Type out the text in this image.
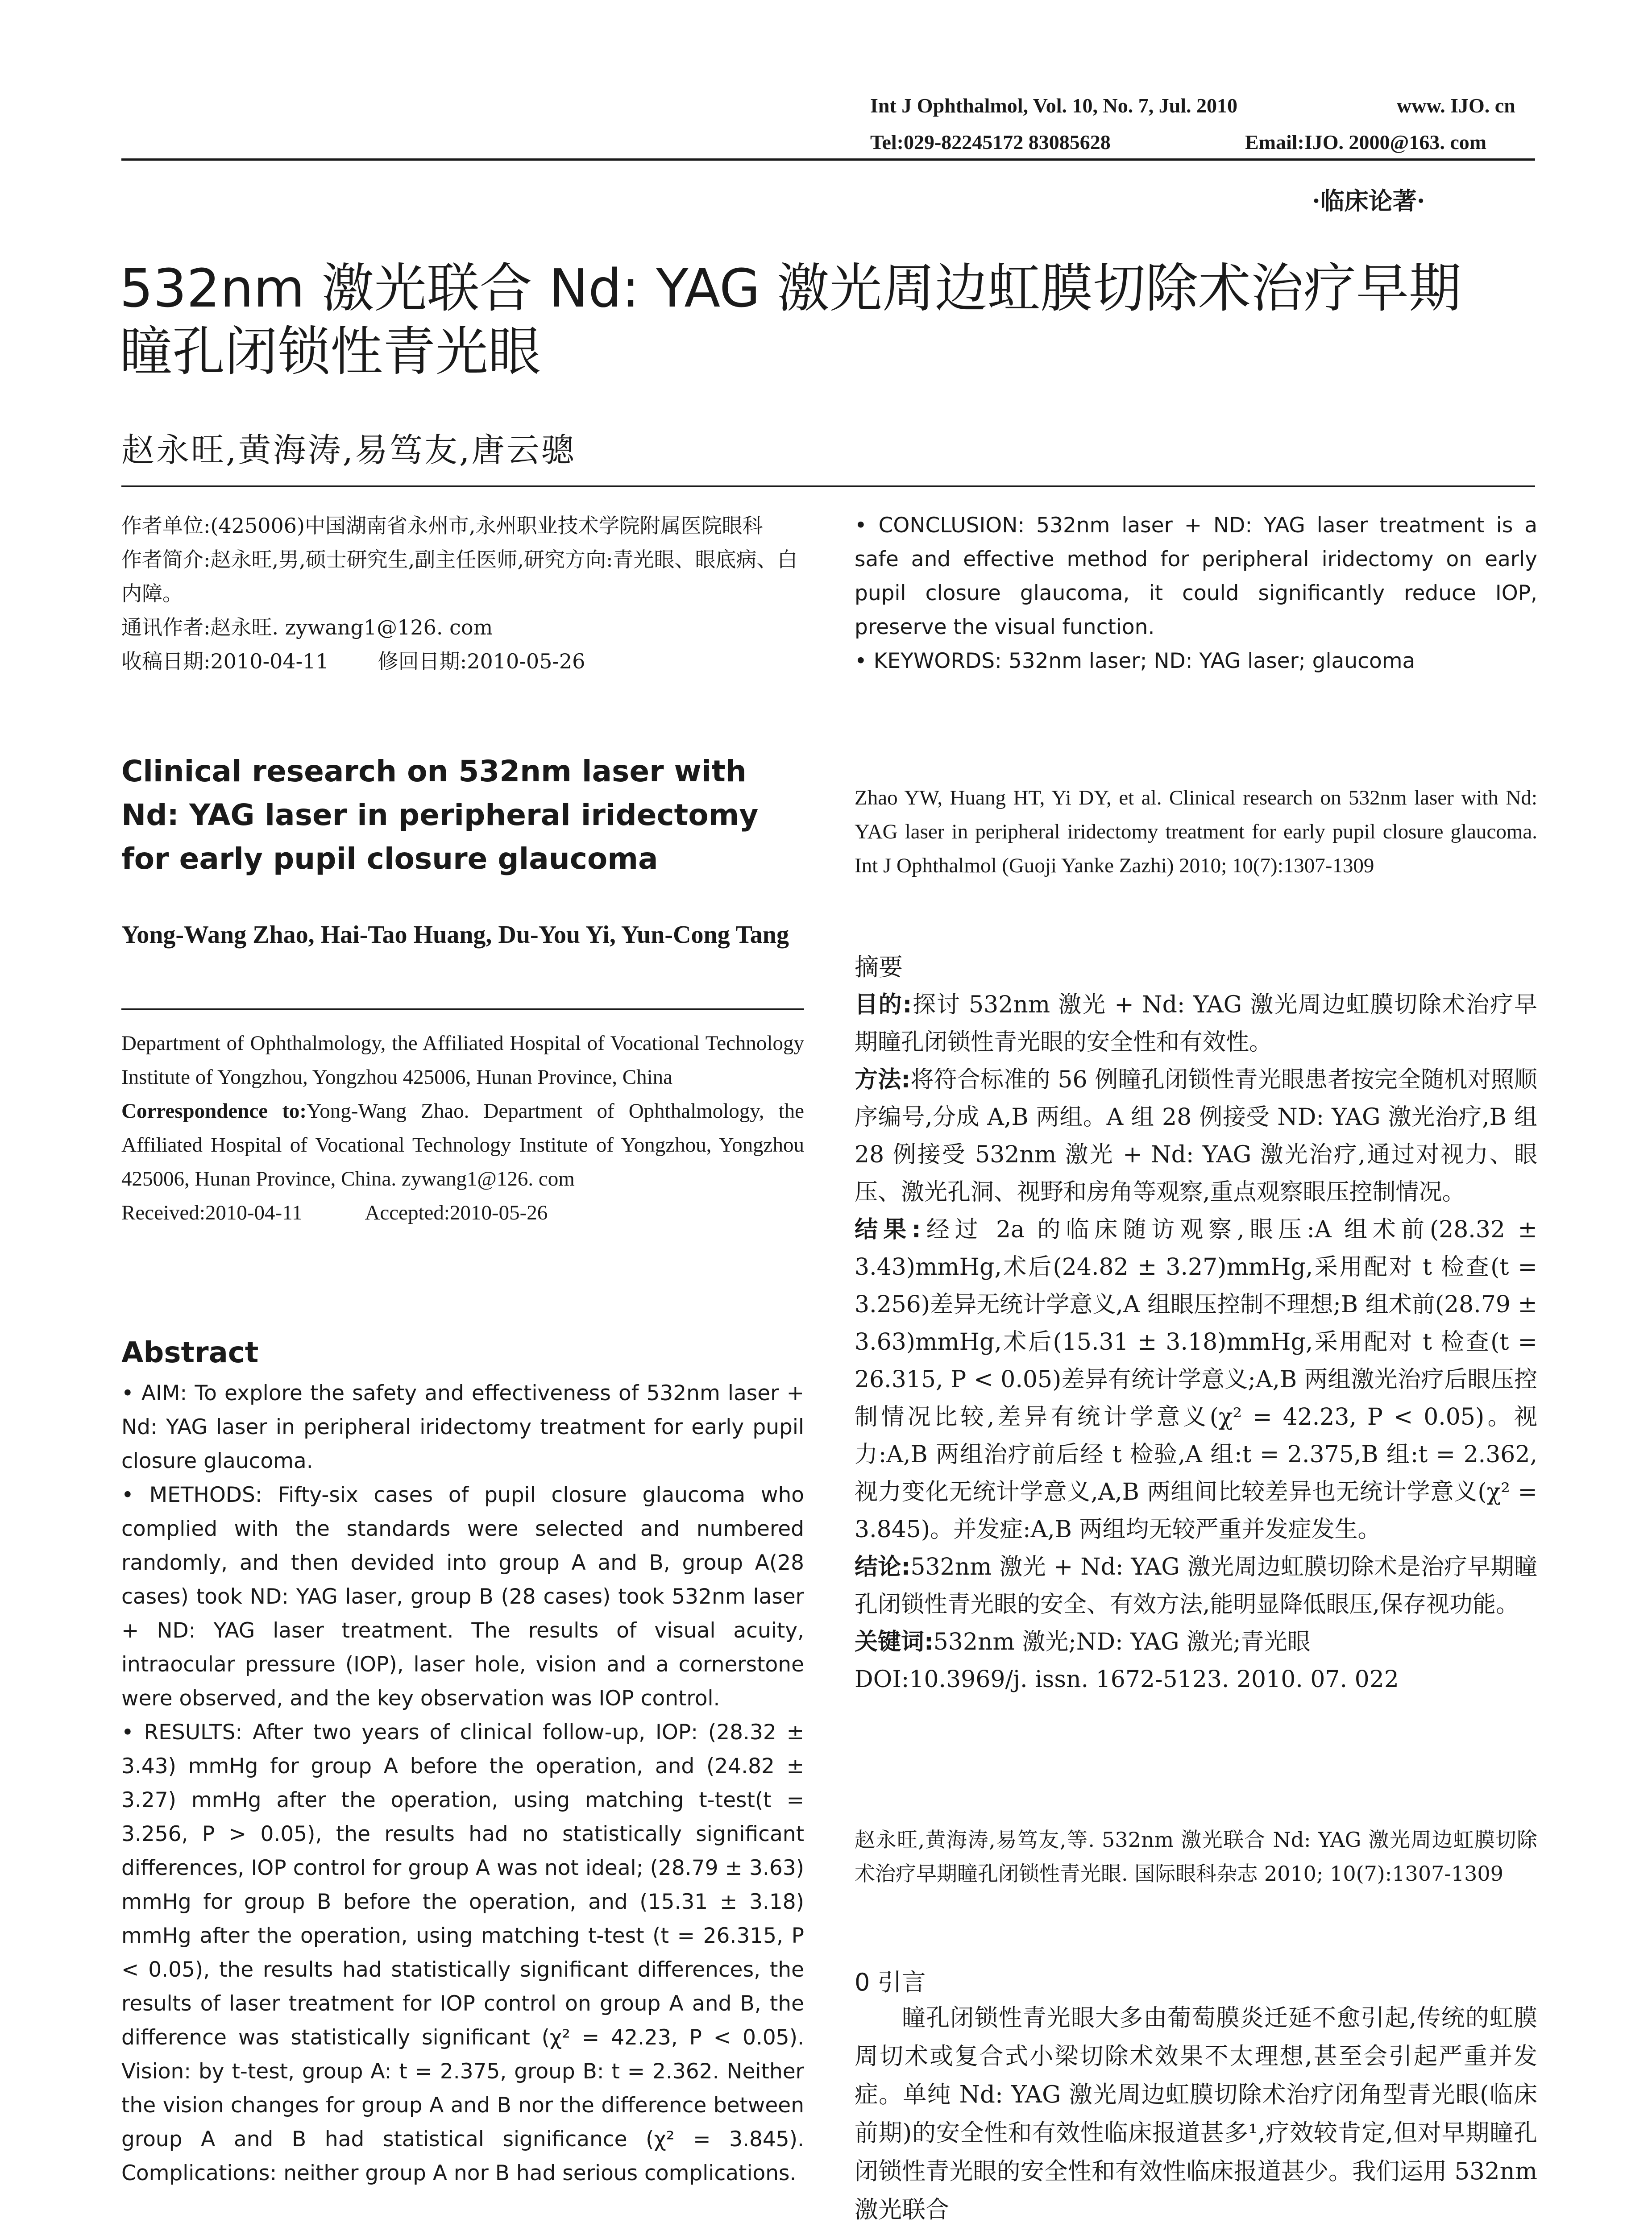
Int J Ophthalmol, Vol. 10, No. 7, Jul. 2010	www. IJO. cn
Tel:029-82245172 83085628	Email:IJO. 2000@163. com
·临床论著·
532nm 激光联合 Nd: YAG 激光周边虹膜切除术治疗早期
瞳孔闭锁性青光眼
赵永旺,黄海涛,易笃友,唐云骢

作者单位:(425006)中国湖南省永州市,永州职业技术学院附属医院眼科

作者简介:赵永旺,男,硕士研究生,副主任医师,研究方向:青光眼、眼底病、白内障。

通讯作者:赵永旺. zywang1@126. com

收稿日期:2010-04-11 修回日期:2010-05-26

Clinical research on 532nm laser with Nd: YAG laser in peripheral iridectomy for early pupil closure glaucoma
Yong-Wang Zhao, Hai-Tao Huang, Du-You Yi, Yun-Cong Tang

Department of Ophthalmology, the Affiliated Hospital of Vocational Technology Institute of Yongzhou, Yongzhou 425006, Hunan Province, China

Correspondence to:Yong-Wang Zhao. Department of Ophthalmology, the Affiliated Hospital of Vocational Technology Institute of Yongzhou, Yongzhou 425006, Hunan Province, China. zywang1@126. com

Received:2010-04-11	Accepted:2010-05-26

Abstract

• AIM: To explore the safety and effectiveness of 532nm laser + Nd: YAG laser in peripheral iridectomy treatment for early pupil closure glaucoma.

• METHODS: Fifty-six cases of pupil closure glaucoma who complied with the standards were selected and numbered randomly, and then devided into group A and B, group A(28 cases) took ND: YAG laser, group B (28 cases) took 532nm laser + ND: YAG laser treatment. The results of visual acuity, intraocular pressure (IOP), laser hole, vision and a cornerstone were observed, and the key observation was IOP control.

• RESULTS: After two years of clinical follow-up, IOP: (28.32 ± 3.43) mmHg for group A before the operation, and (24.82 ± 3.27) mmHg after the operation, using matching t-test(t = 3.256, P > 0.05), the results had no statistically significant differences, IOP control for group A was not ideal; (28.79 ± 3.63) mmHg for group B before the operation, and (15.31 ± 3.18) mmHg after the operation, using matching t-test (t = 26.315, P < 0.05), the results had statistically significant differences, the results of laser treatment for IOP control on group A and B, the difference was statistically significant (χ² = 42.23, P < 0.05). Vision: by t-test, group A: t = 2.375, group B: t = 2.362. Neither the vision changes for group A and B nor the difference between group A and B had statistical significance (χ² = 3.845). Complications: neither group A nor B had serious complications.

• CONCLUSION: 532nm laser + ND: YAG laser treatment is a safe and effective method for peripheral iridectomy on early pupil closure glaucoma, it could significantly reduce IOP, preserve the visual function.

• KEYWORDS: 532nm laser; ND: YAG laser; glaucoma

Zhao YW, Huang HT, Yi DY, et al. Clinical research on 532nm laser with Nd: YAG laser in peripheral iridectomy treatment for early pupil closure glaucoma. Int J Ophthalmol (Guoji Yanke Zazhi) 2010; 10(7):1307-1309
摘要

目的:探讨 532nm 激光 + Nd: YAG 激光周边虹膜切除术治疗早期瞳孔闭锁性青光眼的安全性和有效性。

方法:将符合标准的 56 例瞳孔闭锁性青光眼患者按完全随机对照顺序编号,分成 A,B 两组。A 组 28 例接受 ND: YAG 激光治疗,B 组 28 例接受 532nm 激光 + Nd: YAG 激光治疗,通过对视力、眼压、激光孔洞、视野和房角等观察,重点观察眼压控制情况。

结果:经过 2a 的临床随访观察,眼压:A 组术前(28.32 ± 3.43)mmHg,术后(24.82 ± 3.27)mmHg,采用配对 t 检查(t = 3.256)差异无统计学意义,A 组眼压控制不理想;B 组术前(28.79 ± 3.63)mmHg,术后(15.31 ± 3.18)mmHg,采用配对 t 检查(t = 26.315, P < 0.05)差异有统计学意义;A,B 两组激光治疗后眼压控制情况比较,差异有统计学意义(χ² = 42.23, P < 0.05)。视力:A,B 两组治疗前后经 t 检验,A 组:t = 2.375,B 组:t = 2.362,视力变化无统计学意义,A,B 两组间比较差异也无统计学意义(χ² = 3.845)。并发症:A,B 两组均无较严重并发症发生。

结论:532nm 激光 + Nd: YAG 激光周边虹膜切除术是治疗早期瞳孔闭锁性青光眼的安全、有效方法,能明显降低眼压,保存视功能。

关键词:532nm 激光;ND: YAG 激光;青光眼

DOI:10.3969/j. issn. 1672-5123. 2010. 07. 022

赵永旺,黄海涛,易笃友,等. 532nm 激光联合 Nd: YAG 激光周边虹膜切除术治疗早期瞳孔闭锁性青光眼. 国际眼科杂志 2010; 10(7):1307-1309
0 引言

瞳孔闭锁性青光眼大多由葡萄膜炎迁延不愈引起,传统的虹膜周切术或复合式小梁切除术效果不太理想,甚至会引起严重并发症。单纯 Nd: YAG 激光周边虹膜切除术治疗闭角型青光眼(临床前期)的安全性和有效性临床报道甚多¹,疗效较肯定,但对早期瞳孔闭锁性青光眼的安全性和有效性临床报道甚少。我们运用 532nm 激光联合
